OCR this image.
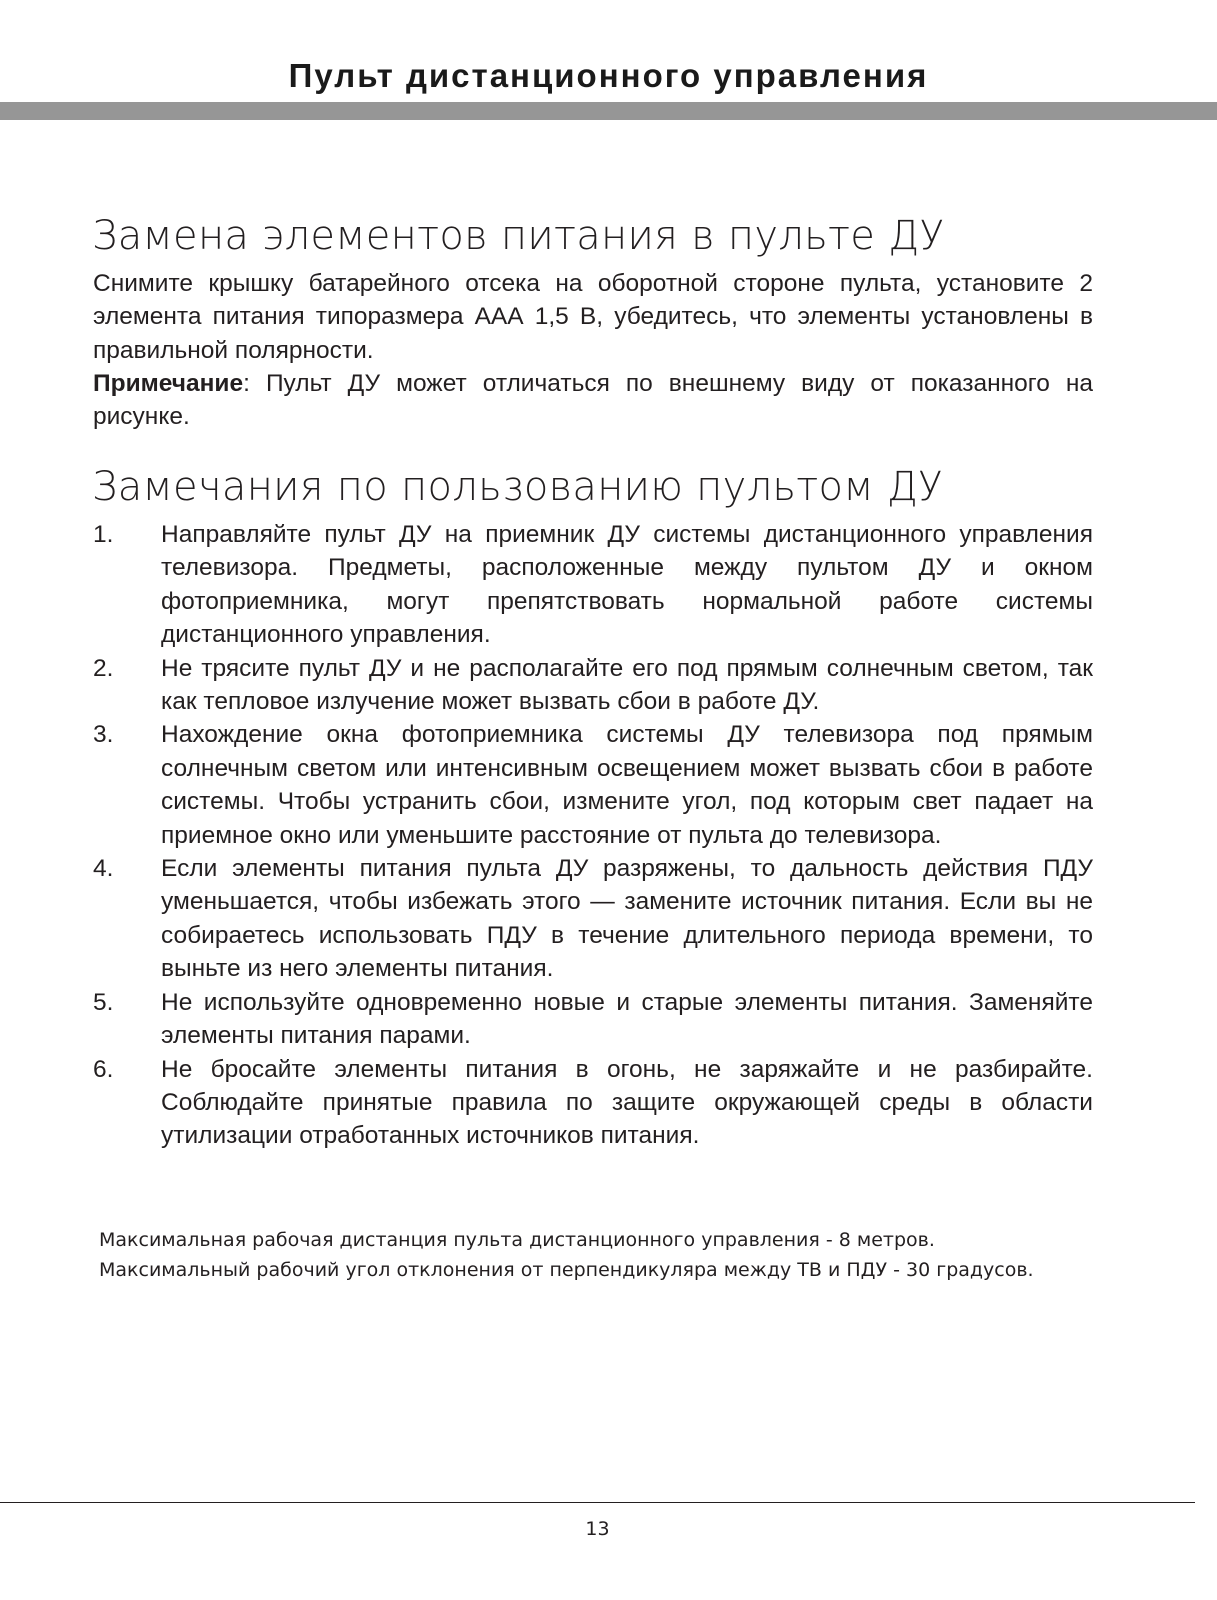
Пульт дистанционного управления
Замена элементов питания в пульте ДУ
Снимите крышку батарейного отсека на оборотной стороне пульта, установите 2 элемента питания типоразмера ААА 1,5 В, убедитесь, что элементы установлены в правильной полярности.
Примечание: Пульт ДУ может отличаться по внешнему виду от показанного на рисунке.
Замечания по пользованию пультом ДУ
1.	Направляйте пульт ДУ на приемник ДУ системы дистанционного управления телевизора. Предметы, расположенные между пультом ДУ и окном фотоприемника, могут препятствовать нормальной работе системы дистанционного управления.
2.	Не трясите пульт ДУ и не располагайте его под прямым солнечным светом, так как тепловое излучение может вызвать сбои в работе ДУ.
3.	Нахождение окна фотоприемника системы ДУ телевизора под прямым солнечным светом или интенсивным освещением может вызвать сбои в работе системы. Чтобы устранить сбои, измените угол, под которым свет падает на приемное окно или уменьшите расстояние от пульта до телевизора.
4.	Если элементы питания пульта ДУ разряжены, то дальность действия ПДУ уменьшается, чтобы избежать этого — замените источник питания. Если вы не собираетесь использовать ПДУ в течение длительного периода времени, то выньте из него элементы питания.
5.	Не используйте одновременно новые и старые элементы питания. Заменяйте элементы питания парами.
6.	Не бросайте элементы питания в огонь, не заряжайте и не разбирайте. Соблюдайте принятые правила по защите окружающей среды в области утилизации отработанных источников питания.
Максимальная рабочая дистанция пульта дистанционного управления - 8 метров.
Максимальный рабочий угол отклонения от перпендикуляра между ТВ и ПДУ - 30 градусов.
13
